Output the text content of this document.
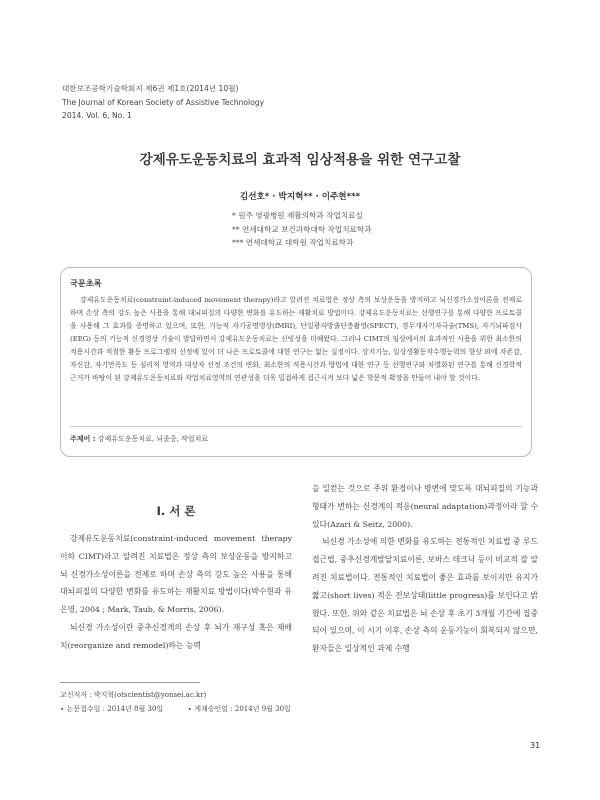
대한보조공학기술학회지 제6권 제1호(2014년 10월)
The Journal of Korean Society of Assistive Technology
2014. Vol. 6, No. 1
강제유도운동치료의 효과적 임상적용을 위한 연구고찰
김선호* · 박지혁** · 이주현***
* 원주 영광병원 재활의학과 작업치료실
** 연세대학교 보건과학대학 작업치료학과
*** 연세대학교 대학원 작업치료학과
국문초록
강제유도운동치료(constraint-induced movement therapy)라고 알려진 치료법은 정상 측의 보상운동을 방지하고 뇌신경가소성이론을 전제로 하며 손상 측의 강도 높은 사용을 통해 대뇌피질의 다양한 변화를 유도하는 재활치료 방법이다. 강제유도운동치료는 선행연구를 통해 다양한 프로토콜을 사용해 그 효과를 증명하고 있으며, 또한, 기능적 자기공명영상(fMRI), 단일광자방출단층촬영(SPECT), 경두개자기자극술(TMS), 자기뇌파검사(EEG) 등의 기능적 신경영상 기술이 발달하면서 강제유도운동치료는 신빙성을 더해왔다. 그러나 CIMT의 임상에서의 효과적인 사용을 위한 최소한의 적용시간과 적절한 활동 프로그램의 선정에 있어 더 나은 프로토콜에 대한 연구는 없는 실정이다. 상지기능, 일상생활동작수행능력의 향상 외에 자존감, 자신감, 자기만족도 등 심리적 영역과 대상자 선정 조건의 변화, 최소한의 적용시간과 방법에 대한 연구 등 선행연구와 차별화된 연구를 통해 신경학적 근거가 바탕이 된 강제유도운동치료와 작업치료영역의 연관성을 더욱 밀접하게 접근시켜 보다 넓은 학문적 확장을 만들어 내야 할 것이다.
주제어 : 강제유도운동치료, 뇌졸중, 작업치료
I. 서 론

강제유도운동치료(constraint-induced movement therapy 이하 CIMT)라고 알려진 치료법은 정상 측의 보상운동을 방지하고 뇌 신경가소성이론을 전제로 하며 손상 측의 강도 높은 사용을 통해 대뇌피질의 다양한 변화를 유도하는 재활치료 방법이다(박수현과 유은영, 2004 ; Mark, Taub, & Morris, 2006).

뇌신경 가소성이란 중추신경계의 손상 후 뇌가 재구성 혹은 재배치(reorganize and remodel)하는 능력

을 일컫는 것으로 주위 환경이나 병변에 맞도록 대뇌피질의 기능과 형태가 변하는 신경계의 적응(neural adaptation)과정이라 할 수 있다(Azari & Seitz, 2000).

뇌신경 가소성에 의한 변화를 유도하는 전통적인 치료법 중 루드 접근법, 중추신경계발달치료이론, 보바스 테크닉 등이 비교적 잘 알려진 치료법이다. 전통적인 치료법이 좋은 효과를 보이지만 유지가 짧고(short lives) 적은 진보상태(little progress)를 보인다고 밝혔다. 또한, 위와 같은 치료법은 뇌 손상 후 초기 3개월 기간에 집중되어 있으며, 이 시기 이후, 손상 측의 운동기능이 회복되지 않으면, 환자들은 일상적인 과제 수행

교신저자 : 박지혁(otscientist@yonsei.ac.kr)
∙ 논문접수일 : 2014년 8월 30일	∙ 게재승인일 : 2014년 9월 30일
31
